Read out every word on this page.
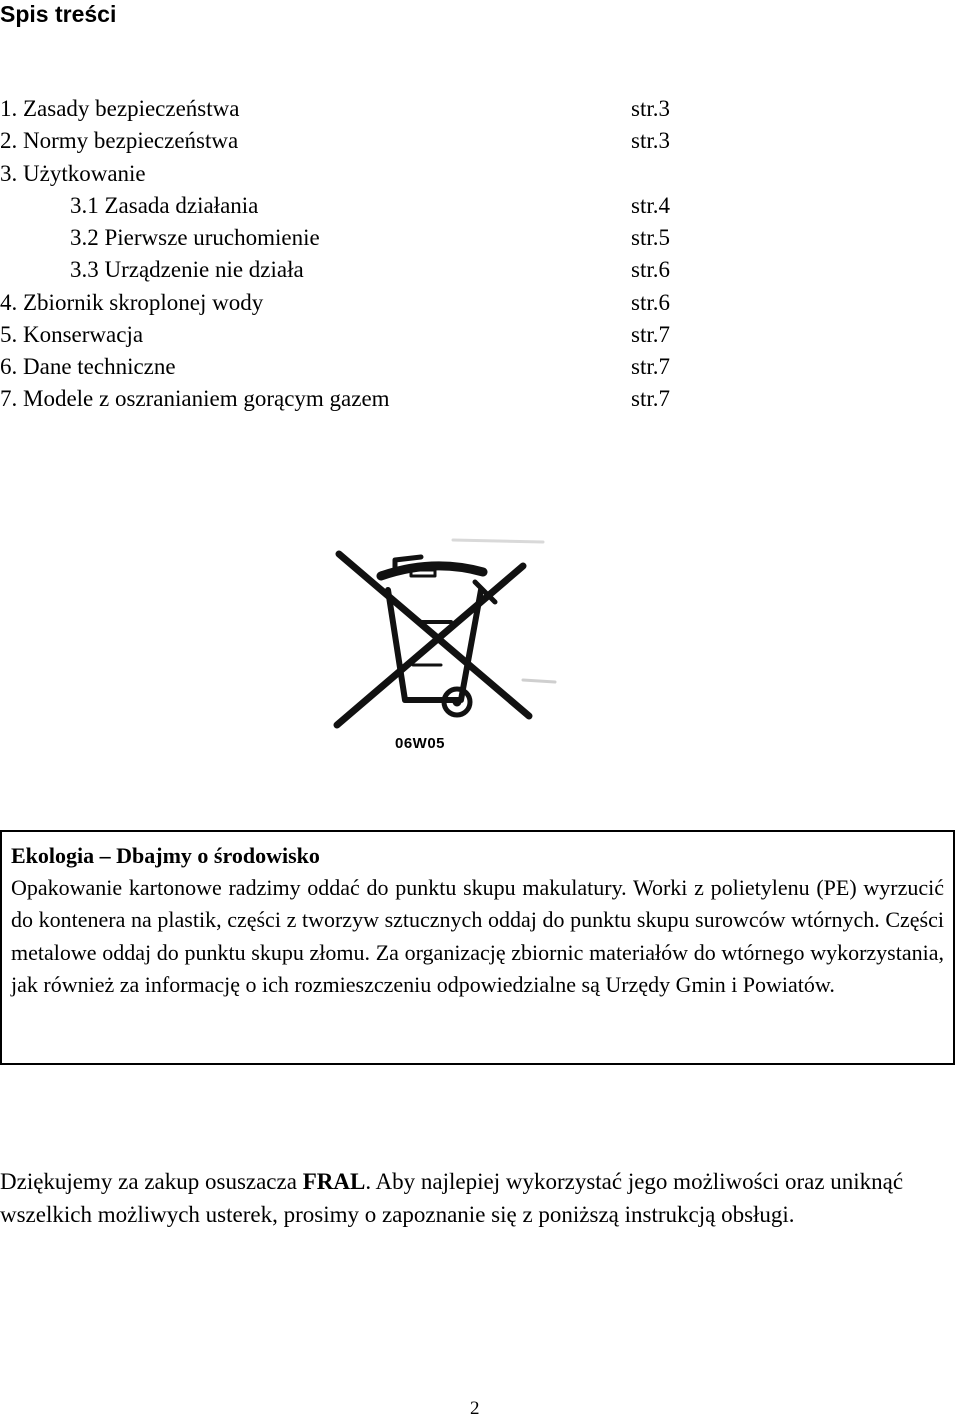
Spis treści
1. Zasady bezpieczeństwa	str.3
2. Normy bezpieczeństwa	str.3
3. Użytkowanie
3.1 Zasada działania	str.4
3.2 Pierwsze uruchomienie	str.5
3.3 Urządzenie nie działa	str.6
4. Zbiornik skroplonej wody	str.6
5. Konserwacja	str.7
6. Dane techniczne	str.7
7. Modele z oszranianiem gorącym gazem	str.7
06W05
Ekologia – Dbajmy o środowisko

Opakowanie kartonowe radzimy oddać do punktu skupu makulatury. Worki z polietylenu (PE) wyrzucić do kontenera na plastik, części z tworzyw sztucznych oddaj do punktu skupu surowców wtórnych. Części metalowe oddaj do punktu skupu złomu. Za organizację zbiornic materiałów do wtórnego wykorzystania, jak również za informację o ich rozmieszczeniu odpowiedzialne są Urzędy Gmin i Powiatów.

Dziękujemy za zakup osuszacza FRAL. Aby najlepiej wykorzystać jego możliwości oraz uniknąć wszelkich możliwych usterek, prosimy o zapoznanie się z poniższą instrukcją obsługi.

2
